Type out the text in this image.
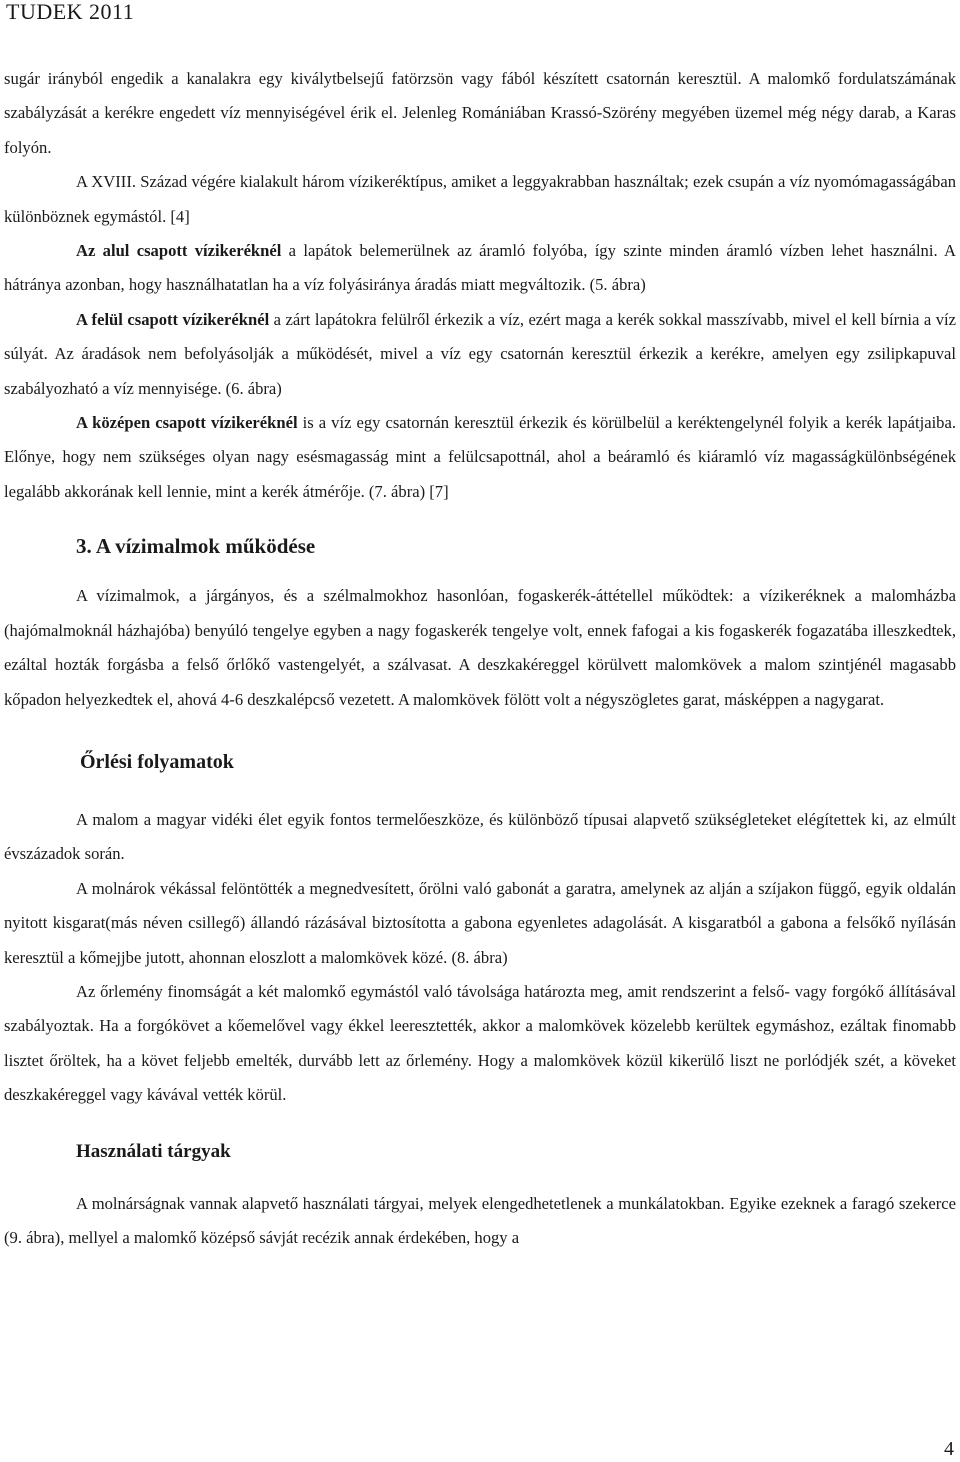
TUDEK 2011

sugár irányból engedik a kanalakra egy kiválytbelsejű fatörzsön vagy fából készített csatornán keresztül. A malomkő fordulatszámának szabályzását a kerékre engedett víz mennyiségével érik el. Jelenleg Romániában Krassó-Szörény megyében üzemel még négy darab, a Karas folyón.

A XVIII. Század végére kialakult három vízikeréktípus, amiket a leggyakrabban használtak; ezek csupán a víz nyomómagasságában különböznek egymástól. [4]

Az alul csapott vízikeréknél a lapátok belemerülnek az áramló folyóba, így szinte minden áramló vízben lehet használni. A hátránya azonban, hogy használhatatlan ha a víz folyásiránya áradás miatt megváltozik. (5. ábra)

A felül csapott vízikeréknél a zárt lapátokra felülről érkezik a víz, ezért maga a kerék sokkal masszívabb, mivel el kell bírnia a víz súlyát. Az áradások nem befolyásolják a működését, mivel a víz egy csatornán keresztül érkezik a kerékre, amelyen egy zsilipkapuval szabályozható a víz mennyisége. (6. ábra)

A középen csapott vízikeréknél is a víz egy csatornán keresztül érkezik és körülbelül a keréktengelynél folyik a kerék lapátjaiba. Előnye, hogy nem szükséges olyan nagy esésmagasság mint a felülcsapottnál, ahol a beáramló és kiáramló víz magasságkülönbségének legalább akkorának kell lennie, mint a kerék átmérője. (7. ábra) [7]

3. A vízimalmok működése

A vízimalmok, a járgányos, és a szélmalmokhoz hasonlóan, fogaskerék-áttétellel működtek: a vízikeréknek a malomházba (hajómalmoknál házhajóba) benyúló tengelye egyben a nagy fogaskerék tengelye volt, ennek fafogai a kis fogaskerék fogazatába illeszkedtek, ezáltal hozták forgásba a felső őrlőkő vastengelyét, a szálvasat. A deszkakéreggel körülvett malomkövek a malom szintjénél magasabb kőpadon helyezkedtek el, ahová 4-6 deszkalépcső vezetett. A malomkövek fölött volt a négyszögletes garat, másképpen a nagygarat.

Őrlési folyamatok

A malom a magyar vidéki élet egyik fontos termelőeszköze, és különböző típusai alapvető szükségleteket elégítettek ki, az elmúlt évszázadok során.

A molnárok vékással felöntötték a megnedvesített, őrölni való gabonát a garatra, amelynek az alján a szíjakon függő, egyik oldalán nyitott kisgarat(más néven csillegő) állandó rázásával biztosította a gabona egyenletes adagolását. A kisgaratból a gabona a felsőkő nyílásán keresztül a kőmejjbe jutott, ahonnan eloszlott a malomkövek közé. (8. ábra)

Az őrlemény finomságát a két malomkő egymástól való távolsága határozta meg, amit rendszerint a felső- vagy forgókő állításával szabályoztak. Ha a forgókövet a kőemelővel vagy ékkel leeresztették, akkor a malomkövek közelebb kerültek egymáshoz, ezáltak finomabb lisztet őröltek, ha a követ feljebb emelték, durvább lett az őrlemény. Hogy a malomkövek közül kikerülő liszt ne porlódjék szét, a köveket deszkakéreggel vagy kávával vették körül.

Használati tárgyak

A molnárságnak vannak alapvető használati tárgyai, melyek elengedhetetlenek a munkálatokban. Egyike ezeknek a faragó szekerce (9. ábra), mellyel a malomkő középső sávját recézik annak érdekében, hogy a

4
